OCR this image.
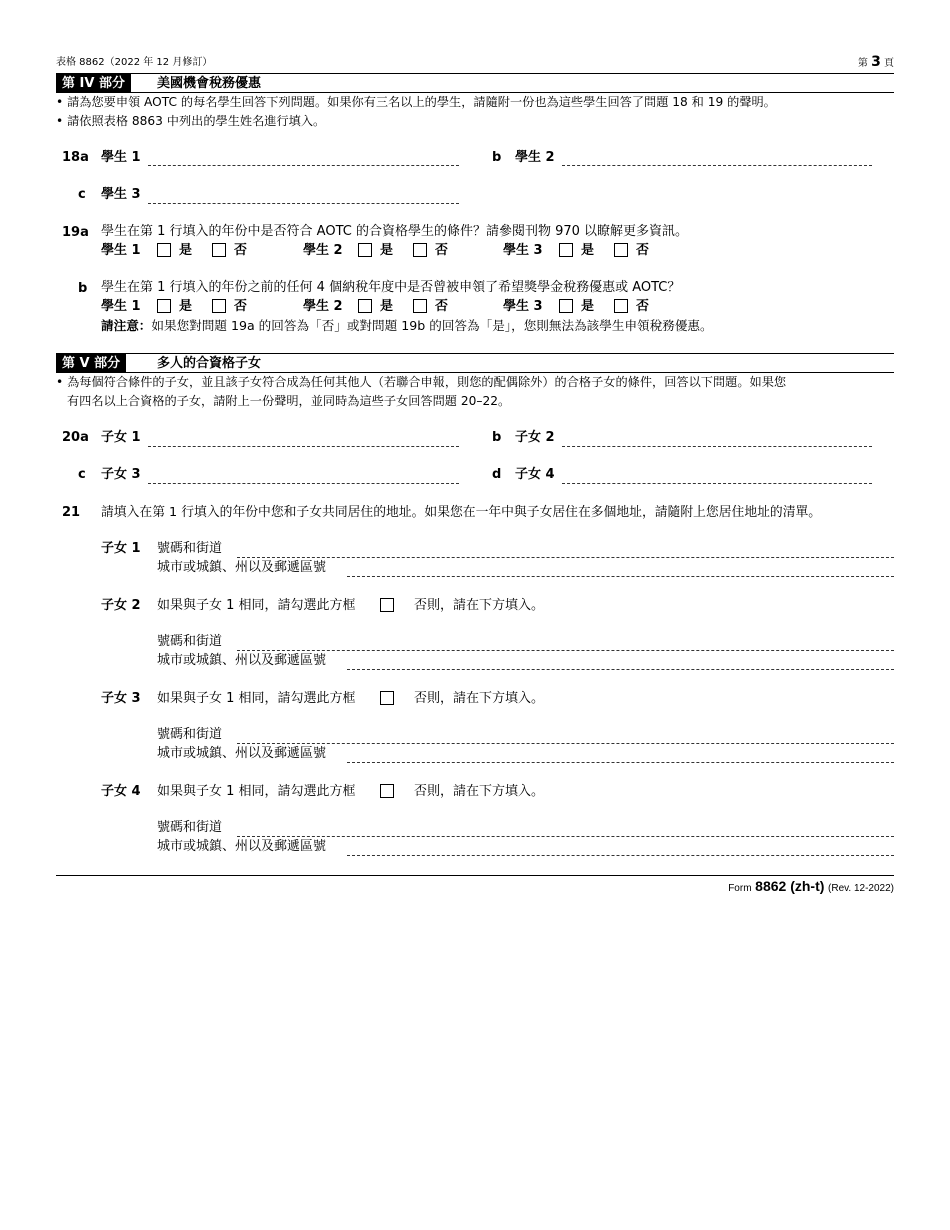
表格 8862（2022 年 12 月修訂）	第 3 頁
第 IV 部分	美國機會稅務優惠
• 請為您要申領 AOTC 的每名學生回答下列問題。如果你有三名以上的學生，請隨附一份也為這些學生回答了問題 18 和 19 的聲明。
• 請依照表格 8863 中列出的學生姓名進行填入。
18a 學生 1	b 學生 2
c 學生 3
19a 學生在第 1 行填入的年份中是否符合 AOTC 的合資格學生的條件？請參閱刊物 970 以瞭解更多資訊。
學生 1	是	否	學生 2	是	否	學生 3	是	否
b 學生在第 1 行填入的年份之前的任何 4 個納稅年度中是否曾被申領了希望獎學金稅務優惠或 AOTC？
學生 1	是	否	學生 2	是	否	學生 3	是	否
請注意：如果您對問題 19a 的回答為「否」或對問題 19b 的回答為「是」，您則無法為該學生申領稅務優惠。
第 V 部分	多人的合資格子女
• 為每個符合條件的子女，並且該子女符合成為任何其他人（若聯合申報，則您的配偶除外）的合格子女的條件，回答以下問題。如果您
有四名以上合資格的子女，請附上一份聲明，並同時為這些子女回答問題 20–22。
20a 子女 1	b 子女 2
c 子女 3	d 子女 4
21 請填入在第 1 行填入的年份中您和子女共同居住的地址。如果您在一年中與子女居住在多個地址，請隨附上您居住地址的清單。
子女 1 號碼和街道
城市或城鎮、州以及郵遞區號
子女 2 如果與子女 1 相同，請勾選此方框	否則，請在下方填入。
號碼和街道
城市或城鎮、州以及郵遞區號
子女 3 如果與子女 1 相同，請勾選此方框	否則，請在下方填入。
號碼和街道
城市或城鎮、州以及郵遞區號
子女 4 如果與子女 1 相同，請勾選此方框	否則，請在下方填入。
號碼和街道
城市或城鎮、州以及郵遞區號
Form 8862 (zh-t) (Rev. 12-2022)
